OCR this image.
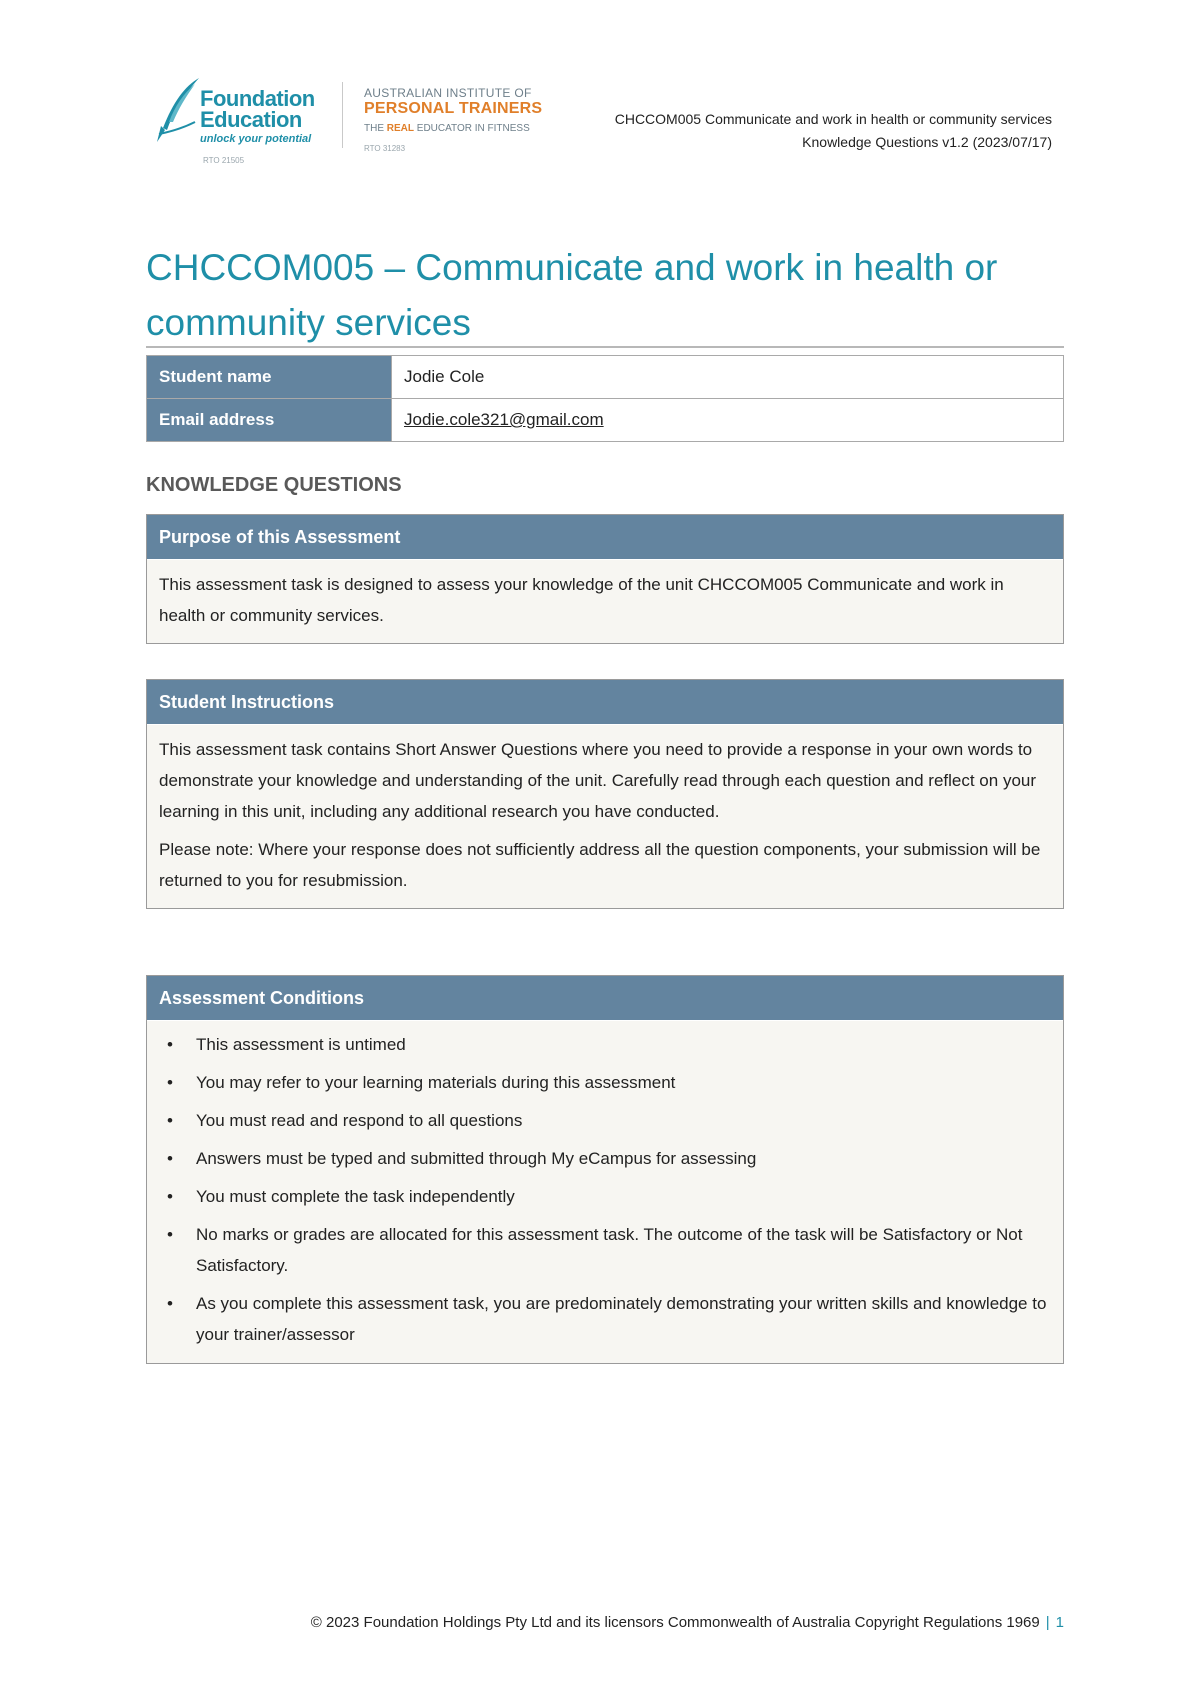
Foundation
Education
unlock your potential
RTO 21505
AUSTRALIAN INSTITUTE OF
PERSONAL TRAINERS
THE REAL EDUCATOR IN FITNESS
RTO 31283
CHCCOM005 Communicate and work in health or community services
Knowledge Questions v1.2 (2023/07/17)
CHCCOM005 – Communicate and work in health or community services
Student name	Jodie Cole
Email address	Jodie.cole321@gmail.com
KNOWLEDGE QUESTIONS
Purpose of this Assessment

This assessment task is designed to assess your knowledge of the unit CHCCOM005 Communicate and work in health or community services.

Student Instructions

This assessment task contains Short Answer Questions where you need to provide a response in your own words to demonstrate your knowledge and understanding of the unit. Carefully read through each question and reflect on your learning in this unit, including any additional research you have conducted.

Please note: Where your response does not sufficiently address all the question components, your submission will be returned to you for resubmission.

Assessment Conditions
• This assessment is untimed
• You may refer to your learning materials during this assessment
• You must read and respond to all questions
• Answers must be typed and submitted through My eCampus for assessing
• You must complete the task independently
• No marks or grades are allocated for this assessment task. The outcome of the task will be Satisfactory or Not Satisfactory.
• As you complete this assessment task, you are predominately demonstrating your written skills and knowledge to your trainer/assessor
© 2023 Foundation Holdings Pty Ltd and its licensors Commonwealth of Australia Copyright Regulations 1969 | 1
